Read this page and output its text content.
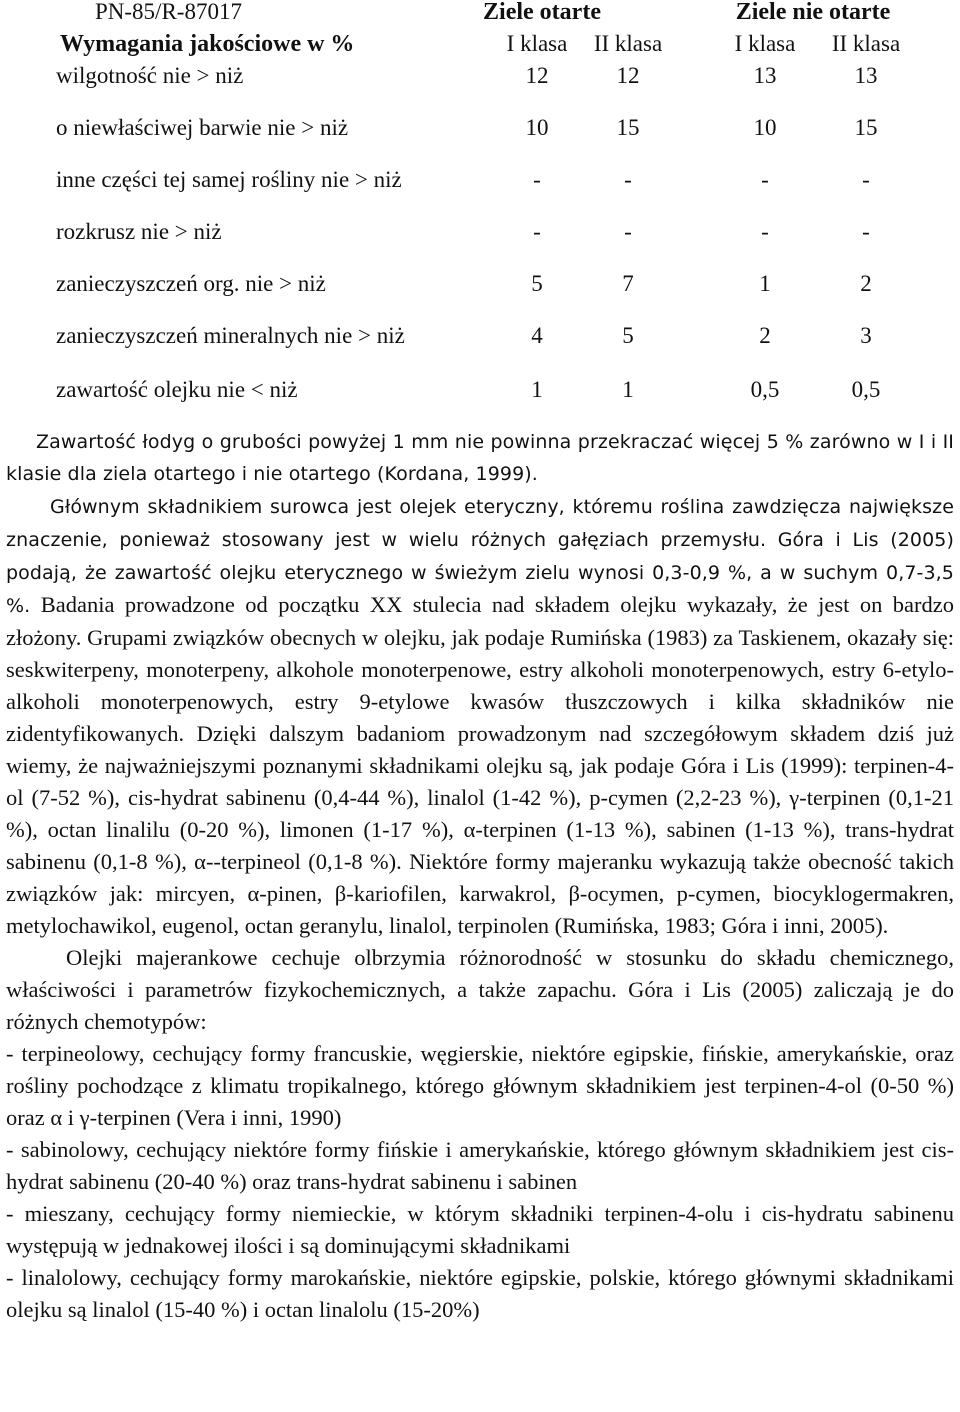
PN-85/R-87017	Ziele otarte	Ziele nie otarte
Wymagania jakościowe w %	I klasa II klasa	I klasa II klasa
wilgotność nie > niż	12	12	13	13
o niewłaściwej barwie nie > niż	10	15	10	15
inne części tej samej rośliny nie > niż	-	-	-	-
rozkrusz nie > niż	-	-	-	-
zanieczyszczeń org. nie > niż	5	7	1	2
zanieczyszczeń mineralnych nie > niż	4	5	2	3
zawartość olejku nie < niż	1	1	0,5	0,5

Zawartość łodyg o grubości powyżej 1 mm nie powinna przekraczać więcej 5 % zarówno w I i II klasie dla ziela otartego i nie otartego (Kordana, 1999).

Głównym składnikiem surowca jest olejek eteryczny, któremu roślina zawdzięcza największe znaczenie, ponieważ stosowany jest w wielu różnych gałęziach przemysłu. Góra i Lis (2005) podają, że zawartość olejku eterycznego w świeżym zielu wynosi 0,3-0,9 %, a w suchym 0,7-3,5 %. Badania prowadzone od początku XX stulecia nad składem olejku wykazały, że jest on bardzo złożony. Grupami związków obecnych w olejku, jak podaje Rumińska (1983) za Taskienem, okazały się: seskwiterpeny, monoterpeny, alkohole monoterpenowe, estry alkoholi monoterpenowych, estry 6-etylo-alkoholi monoterpenowych, estry 9-etylowe kwasów tłuszczowych i kilka składników nie zidentyfikowanych. Dzięki dalszym badaniom prowadzonym nad szczegółowym składem dziś już wiemy, że najważniejszymi poznanymi składnikami olejku są, jak podaje Góra i Lis (1999): terpinen-4-ol (7-52 %), cis-hydrat sabinenu (0,4-44 %), linalol (1-42 %), p-cymen (2,2-23 %), γ-terpinen (0,1-21 %), octan linalilu (0-20 %), limonen (1-17 %), α-terpinen (1-13 %), sabinen (1-13 %), trans-hydrat sabinenu (0,1-8 %), α--terpineol (0,1-8 %). Niektóre formy majeranku wykazują także obecność takich związków jak: mircyen, α-pinen, β-kariofilen, karwakrol, β-ocymen, p-cymen, biocyklogermakren, metylochawikol, eugenol, octan geranylu, linalol, terpinolen (Rumińska, 1983; Góra i inni, 2005).

Olejki majerankowe cechuje olbrzymia różnorodność w stosunku do składu chemicznego, właściwości i parametrów fizykochemicznych, a także zapachu. Góra i Lis (2005) zaliczają je do różnych chemotypów:

- terpineolowy, cechujący formy francuskie, węgierskie, niektóre egipskie, fińskie, amerykańskie, oraz rośliny pochodzące z klimatu tropikalnego, którego głównym składnikiem jest terpinen-4-ol (0-50 %) oraz α i γ-terpinen (Vera i inni, 1990)
- sabinolowy, cechujący niektóre formy fińskie i amerykańskie, którego głównym składnikiem jest cis-hydrat sabinenu (20-40 %) oraz trans-hydrat sabinenu i sabinen
- mieszany, cechujący formy niemieckie, w którym składniki terpinen-4-olu i cis-hydratu sabinenu występują w jednakowej ilości i są dominującymi składnikami
- linalolowy, cechujący formy marokańskie, niektóre egipskie, polskie, którego głównymi składnikami olejku są linalol (15-40 %) i octan linalolu (15-20%)
